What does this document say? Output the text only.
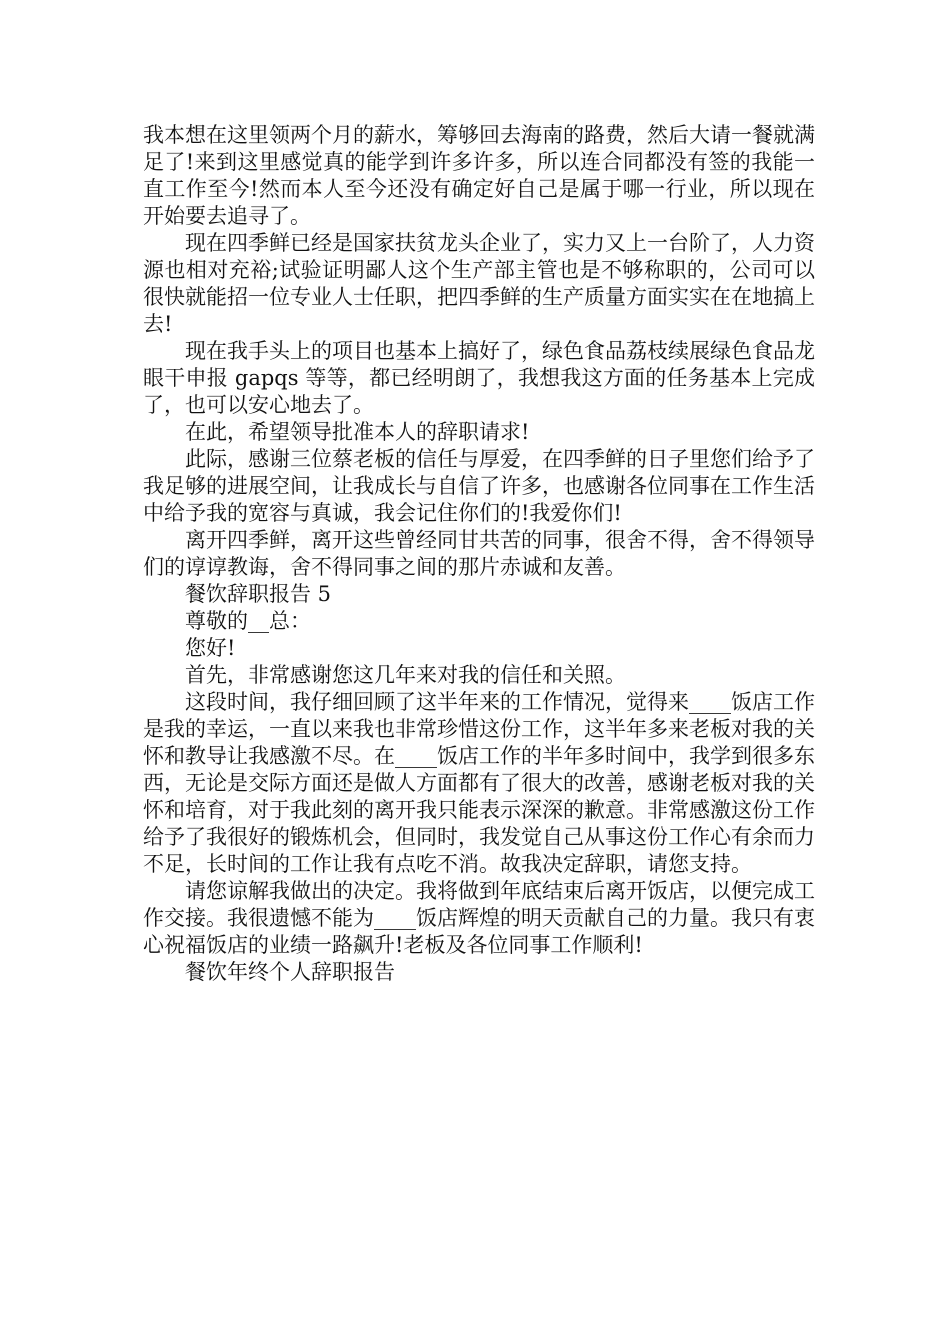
我本想在这里领两个月的薪水，筹够回去海南的路费，然后大请一餐就满足了!来到这里感觉真的能学到许多许多，所以连合同都没有签的我能一直工作至今!然而本人至今还没有确定好自己是属于哪一行业，所以现在开始要去追寻了。

现在四季鲜已经是国家扶贫龙头企业了，实力又上一台阶了，人力资源也相对充裕;试验证明鄙人这个生产部主管也是不够称职的，公司可以很快就能招一位专业人士任职，把四季鲜的生产质量方面实实在在地搞上去!

现在我手头上的项目也基本上搞好了，绿色食品荔枝续展绿色食品龙眼干申报 gapqs 等等，都已经明朗了，我想我这方面的任务基本上完成了，也可以安心地去了。

在此，希望领导批准本人的辞职请求!

此际，感谢三位蔡老板的信任与厚爱，在四季鲜的日子里您们给予了我足够的进展空间，让我成长与自信了许多，也感谢各位同事在工作生活中给予我的宽容与真诚，我会记住你们的!我爱你们!

离开四季鲜，离开这些曾经同甘共苦的同事，很舍不得，舍不得领导们的谆谆教诲，舍不得同事之间的那片赤诚和友善。

餐饮辞职报告 5

尊敬的__总：

您好!

首先，非常感谢您这几年来对我的信任和关照。

这段时间，我仔细回顾了这半年来的工作情况，觉得来____饭店工作是我的幸运，一直以来我也非常珍惜这份工作，这半年多来老板对我的关怀和教导让我感激不尽。在____饭店工作的半年多时间中，我学到很多东西，无论是交际方面还是做人方面都有了很大的改善，感谢老板对我的关怀和培育，对于我此刻的离开我只能表示深深的歉意。非常感激这份工作给予了我很好的锻炼机会，但同时，我发觉自己从事这份工作心有余而力不足，长时间的工作让我有点吃不消。故我决定辞职，请您支持。

请您谅解我做出的决定。我将做到年底结束后离开饭店，以便完成工作交接。我很遗憾不能为____饭店辉煌的明天贡献自己的力量。我只有衷心祝福饭店的业绩一路飙升!老板及各位同事工作顺利!

餐饮年终个人辞职报告
